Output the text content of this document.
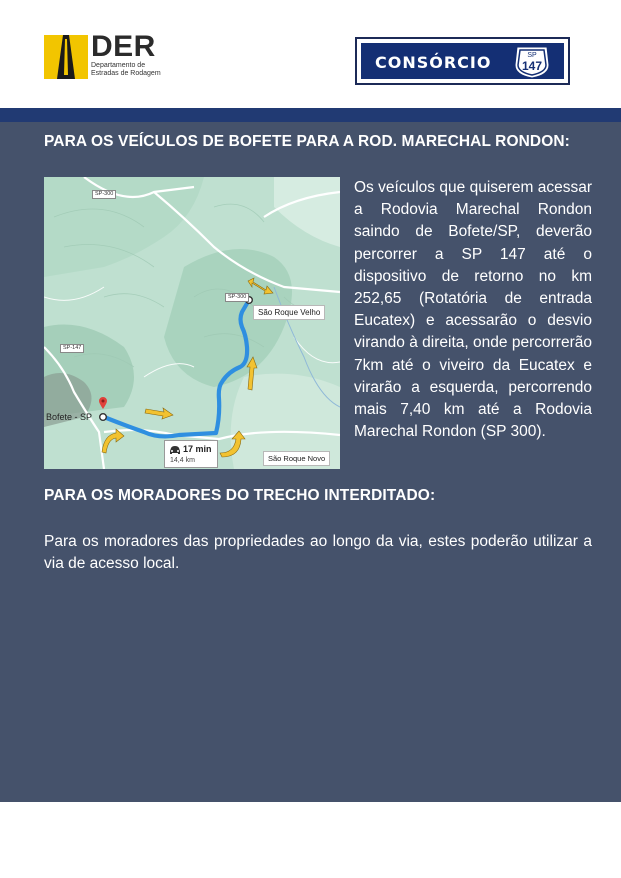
DER
Departamento de Estradas de Rodagem
CONSÓRCIO	SP
147
PARA OS VEÍCULOS DE BOFETE PARA A ROD. MARECHAL RONDON:
SP-300
SP-300
SP-147
São Roque Velho
Bofete - SP
17 min
14,4 km	São Roque Novo
Os veículos que quiserem acessar a Rodovia Marechal Rondon saindo de Bofete/SP, deverão percorrer a SP 147 até o dispositivo de retorno no km 252,65 (Rotatória de entrada Eucatex) e acessarão o desvio virando à direita, onde percorrerão 7km até o viveiro da Eucatex e virarão a esquerda, percorrendo mais 7,40 km até a Rodovia Marechal Rondon (SP 300).
PARA OS MORADORES DO TRECHO INTERDITADO:
Para os moradores das propriedades ao longo da via, estes poderão utilizar a via de acesso local.
